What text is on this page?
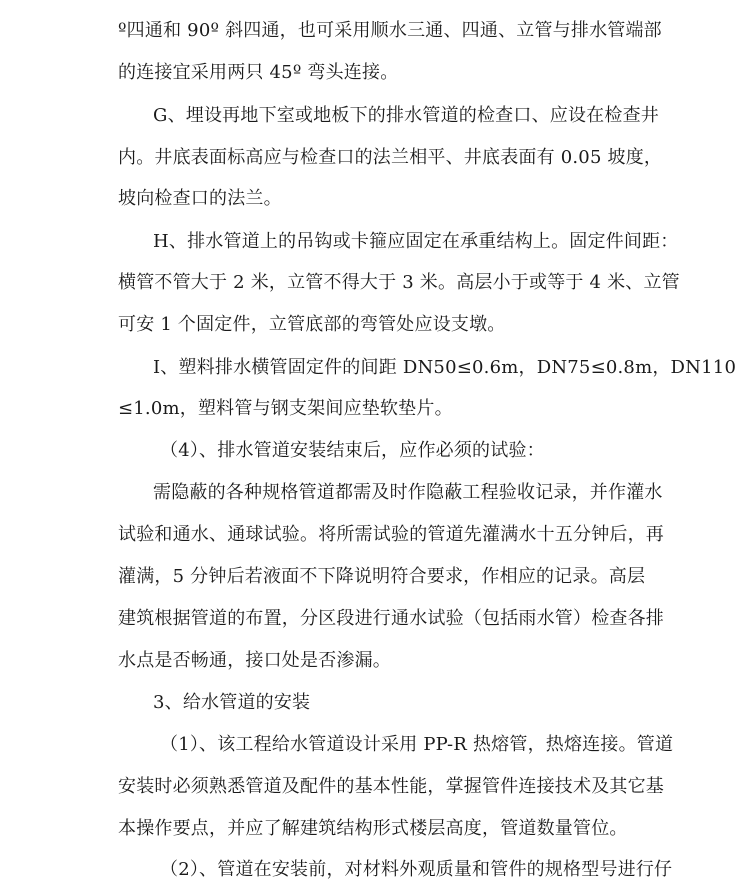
º四通和 90º 斜四通，也可采用顺水三通、四通、立管与排水管端部
的连接宜采用两只 45º 弯头连接。
G、埋设再地下室或地板下的排水管道的检查口、应设在检查井
内。井底表面标高应与检查口的法兰相平、井底表面有 0.05 坡度，
坡向检查口的法兰。
H、排水管道上的吊钩或卡箍应固定在承重结构上。固定件间距：
横管不管大于 2 米，立管不得大于 3 米。高层小于或等于 4 米、立管
可安 1 个固定件，立管底部的弯管处应设支墩。
I、塑料排水横管固定件的间距 DN50≤0.6m，DN75≤0.8m，DN110
≤1.0m，塑料管与钢支架间应垫软垫片。
（4）、排水管道安装结束后，应作必须的试验：
需隐蔽的各种规格管道都需及时作隐蔽工程验收记录，并作灌水
试验和通水、通球试验。将所需试验的管道先灌满水十五分钟后，再
灌满，5 分钟后若液面不下降说明符合要求，作相应的记录。高层
建筑根据管道的布置，分区段进行通水试验（包括雨水管）检查各排
水点是否畅通，接口处是否渗漏。
3、给水管道的安装
（1）、该工程给水管道设计采用 PP-R 热熔管，热熔连接。管道
安装时必须熟悉管道及配件的基本性能，掌握管件连接技术及其它基
本操作要点，并应了解建筑结构形式楼层高度，管道数量管位。
（2）、管道在安装前，对材料外观质量和管件的规格型号进行仔
